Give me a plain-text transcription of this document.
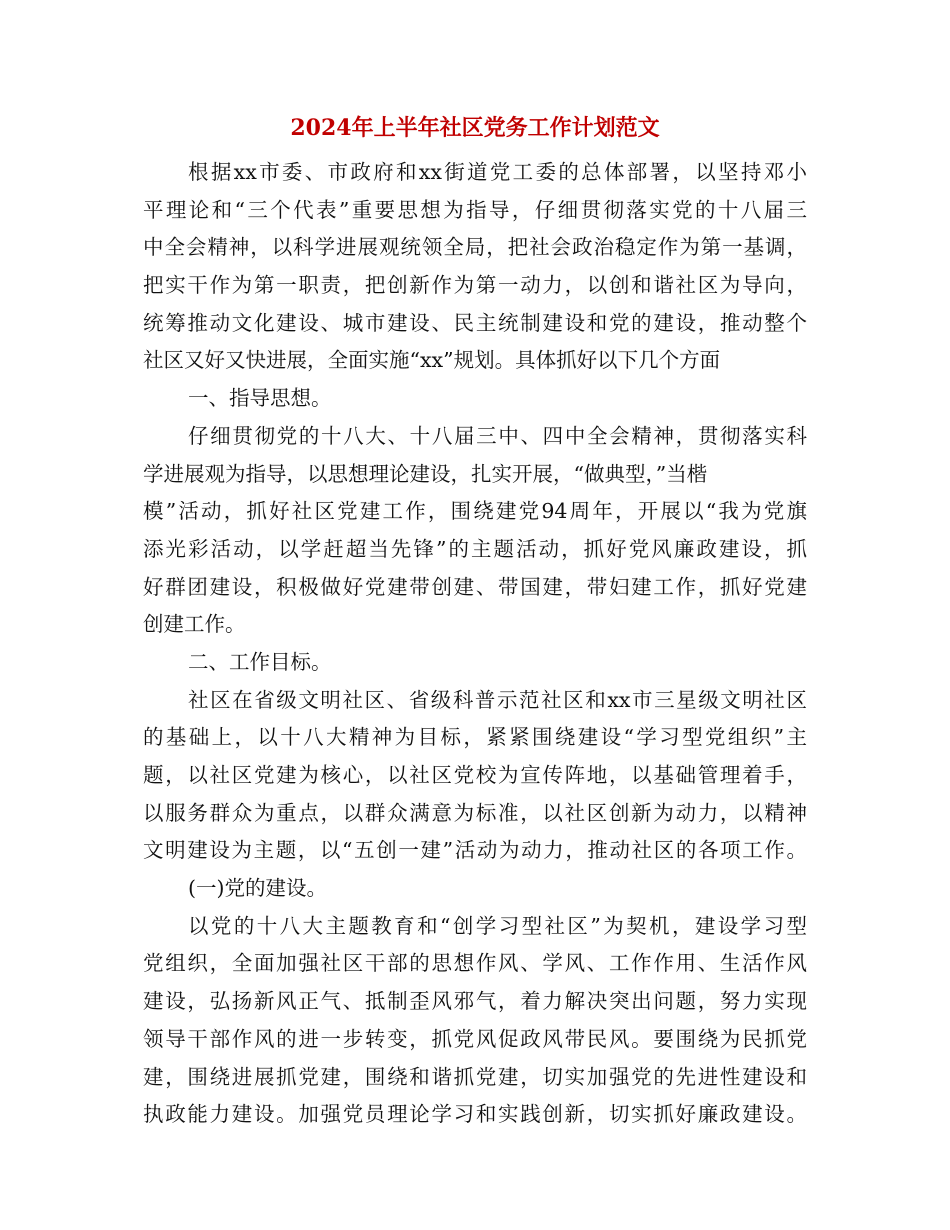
2024年上半年社区党务工作计划范文
根据xx市委、市政府和xx街道党工委的总体部署，以坚持邓小
平理论和“三个代表”重要思想为指导，仔细贯彻落实党的十八届三
中全会精神，以科学进展观统领全局，把社会政治稳定作为第一基调，
把实干作为第一职责，把创新作为第一动力，以创和谐社区为导向，
统筹推动文化建设、城市建设、民主统制建设和党的建设，推动整个
社区又好又快进展，全面实施“xx”规划。具体抓好以下几个方面
一、指导思想。
仔细贯彻党的十八大、十八届三中、四中全会精神，贯彻落实科
学进展观为指导，以思想理论建设，扎实开展，“做典型，”当楷
模”活动，抓好社区党建工作，围绕建党94周年，开展以“我为党旗
添光彩活动，以学赶超当先锋”的主题活动，抓好党风廉政建设，抓
好群团建设，积极做好党建带创建、带国建，带妇建工作，抓好党建
创建工作。
二、工作目标。
社区在省级文明社区、省级科普示范社区和xx市三星级文明社区
的基础上，以十八大精神为目标，紧紧围绕建设“学习型党组织”主
题，以社区党建为核心，以社区党校为宣传阵地，以基础管理着手，
以服务群众为重点，以群众满意为标准，以社区创新为动力，以精神
文明建设为主题，以“五创一建”活动为动力，推动社区的各项工作。
(一)党的建设。
以党的十八大主题教育和“创学习型社区”为契机，建设学习型
党组织，全面加强社区干部的思想作风、学风、工作作用、生活作风
建设，弘扬新风正气、抵制歪风邪气，着力解决突出问题，努力实现
领导干部作风的进一步转变，抓党风促政风带民风。要围绕为民抓党
建，围绕进展抓党建，围绕和谐抓党建，切实加强党的先进性建设和
执政能力建设。加强党员理论学习和实践创新，切实抓好廉政建设。
